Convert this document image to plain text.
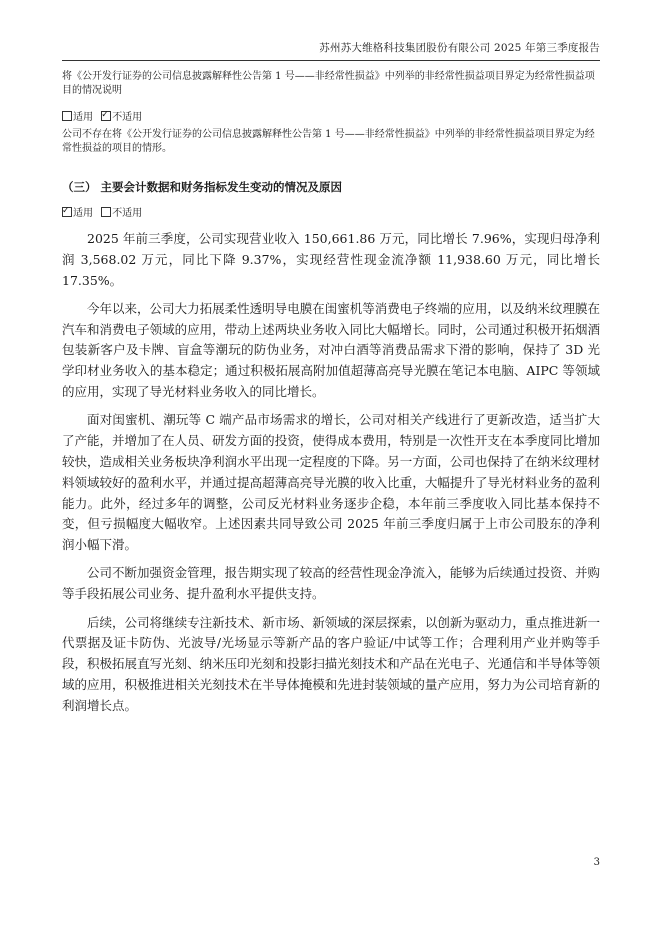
苏州苏大维格科技集团股份有限公司 2025 年第三季度报告
将《公开发行证券的公司信息披露解释性公告第 1 号——非经常性损益》中列举的非经常性损益项目界定为经常性损益项目的情况说明
适用 ✓ 不适用
公司不存在将《公开发行证券的公司信息披露解释性公告第 1 号——非经常性损益》中列举的非经常性损益项目界定为经常性损益的项目的情形。
（三） 主要会计数据和财务指标发生变动的情况及原因
✓适用 不适用

2025 年前三季度，公司实现营业收入 150,661.86 万元，同比增长 7.96%，实现归母净利润 3,568.02 万元，同比下降 9.37%，实现经营性现金流净额 11,938.60 万元，同比增长 17.35%。

今年以来，公司大力拓展柔性透明导电膜在闺蜜机等消费电子终端的应用，以及纳米纹理膜在汽车和消费电子领域的应用，带动上述两块业务收入同比大幅增长。同时，公司通过积极开拓烟酒包装新客户及卡牌、盲盒等潮玩的防伪业务，对冲白酒等消费品需求下滑的影响，保持了 3D 光学印材业务收入的基本稳定；通过积极拓展高附加值超薄高亮导光膜在笔记本电脑、AIPC 等领域的应用，实现了导光材料业务收入的同比增长。

面对闺蜜机、潮玩等 C 端产品市场需求的增长，公司对相关产线进行了更新改造，适当扩大了产能，并增加了在人员、研发方面的投资，使得成本费用，特别是一次性开支在本季度同比增加较快，造成相关业务板块净利润水平出现一定程度的下降。另一方面，公司也保持了在纳米纹理材料领域较好的盈利水平，并通过提高超薄高亮导光膜的收入比重，大幅提升了导光材料业务的盈利能力。此外，经过多年的调整，公司反光材料业务逐步企稳，本年前三季度收入同比基本保持不变，但亏损幅度大幅收窄。上述因素共同导致公司 2025 年前三季度归属于上市公司股东的净利润小幅下滑。

公司不断加强资金管理，报告期实现了较高的经营性现金净流入，能够为后续通过投资、并购等手段拓展公司业务、提升盈利水平提供支持。

后续，公司将继续专注新技术、新市场、新领域的深层探索，以创新为驱动力，重点推进新一代票据及证卡防伪、光波导/光场显示等新产品的客户验证/中试等工作；合理利用产业并购等手段，积极拓展直写光刻、纳米压印光刻和投影扫描光刻技术和产品在光电子、光通信和半导体等领域的应用，积极推进相关光刻技术在半导体掩模和先进封装领域的量产应用，努力为公司培育新的利润增长点。

3
